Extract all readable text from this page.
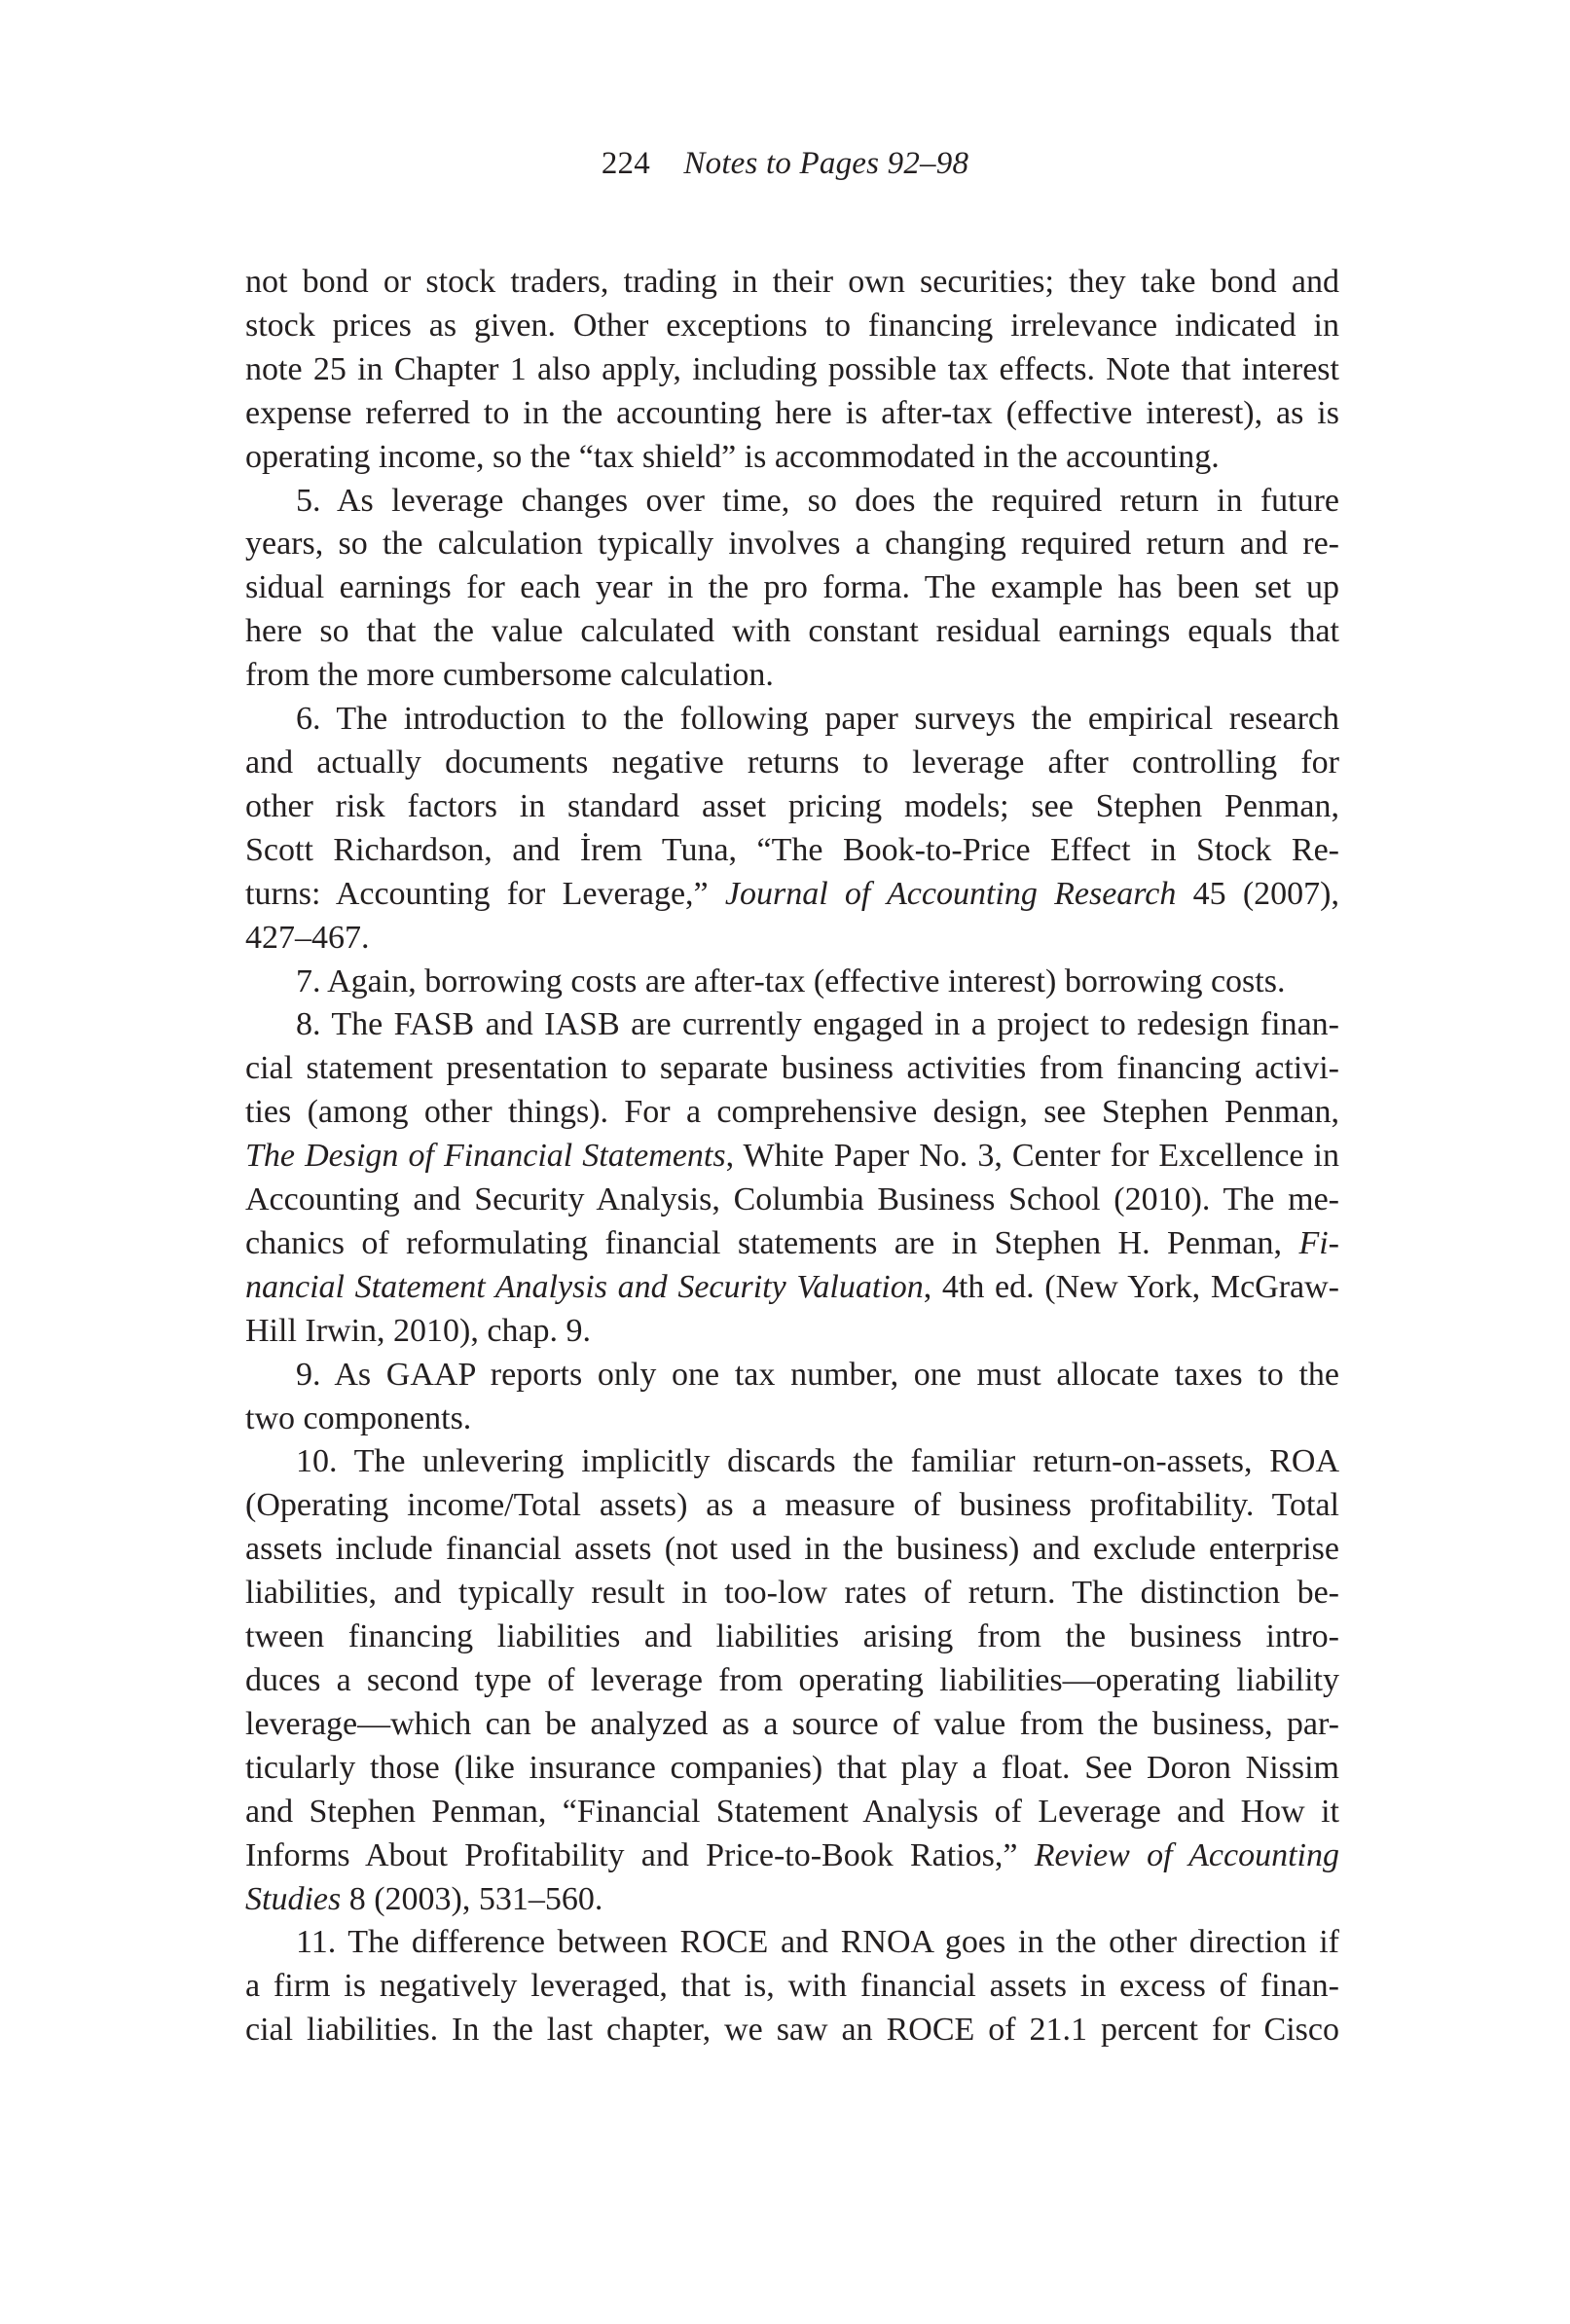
224 Notes to Pages 92–98
not bond or stock traders, trading in their own securities; they take bond and
stock prices as given. Other exceptions to financing irrelevance indicated in
note 25 in Chapter 1 also apply, including possible tax effects. Note that interest
expense referred to in the accounting here is after-tax (effective interest), as is
operating income, so the “tax shield” is accommodated in the accounting.
5. As leverage changes over time, so does the required return in future
years, so the calculation typically involves a changing required return and re-
sidual earnings for each year in the pro forma. The example has been set up
here so that the value calculated with constant residual earnings equals that
from the more cumbersome calculation.
6. The introduction to the following paper surveys the empirical research
and actually documents negative returns to leverage after controlling for
other risk factors in standard asset pricing models; see Stephen Penman,
Scott Richardson, and İrem Tuna, “The Book-to-Price Effect in Stock Re-
turns: Accounting for Leverage,” Journal of Accounting Research 45 (2007),
427–467.
7. Again, borrowing costs are after-tax (effective interest) borrowing costs.
8. The FASB and IASB are currently engaged in a project to redesign finan-
cial statement presentation to separate business activities from financing activi-
ties (among other things). For a comprehensive design, see Stephen Penman,
The Design of Financial Statements, White Paper No. 3, Center for Excellence in
Accounting and Security Analysis, Columbia Business School (2010). The me-
chanics of reformulating financial statements are in Stephen H. Penman, Fi-
nancial Statement Analysis and Security Valuation, 4th ed. (New York, McGraw-
Hill Irwin, 2010), chap. 9.
9. As GAAP reports only one tax number, one must allocate taxes to the
two components.
10. The unlevering implicitly discards the familiar return-on-assets, ROA
(Operating income/Total assets) as a measure of business profitability. Total
assets include financial assets (not used in the business) and exclude enterprise
liabilities, and typically result in too-low rates of return. The distinction be-
tween financing liabilities and liabilities arising from the business intro-
duces a second type of leverage from operating liabilities—operating liability
leverage—which can be analyzed as a source of value from the business, par-
ticularly those (like insurance companies) that play a float. See Doron Nissim
and Stephen Penman, “Financial Statement Analysis of Leverage and How it
Informs About Profitability and Price-to-Book Ratios,” Review of Accounting
Studies 8 (2003), 531–560.
11. The difference between ROCE and RNOA goes in the other direction if
a firm is negatively leveraged, that is, with financial assets in excess of finan-
cial liabilities. In the last chapter, we saw an ROCE of 21.1 percent for Cisco
